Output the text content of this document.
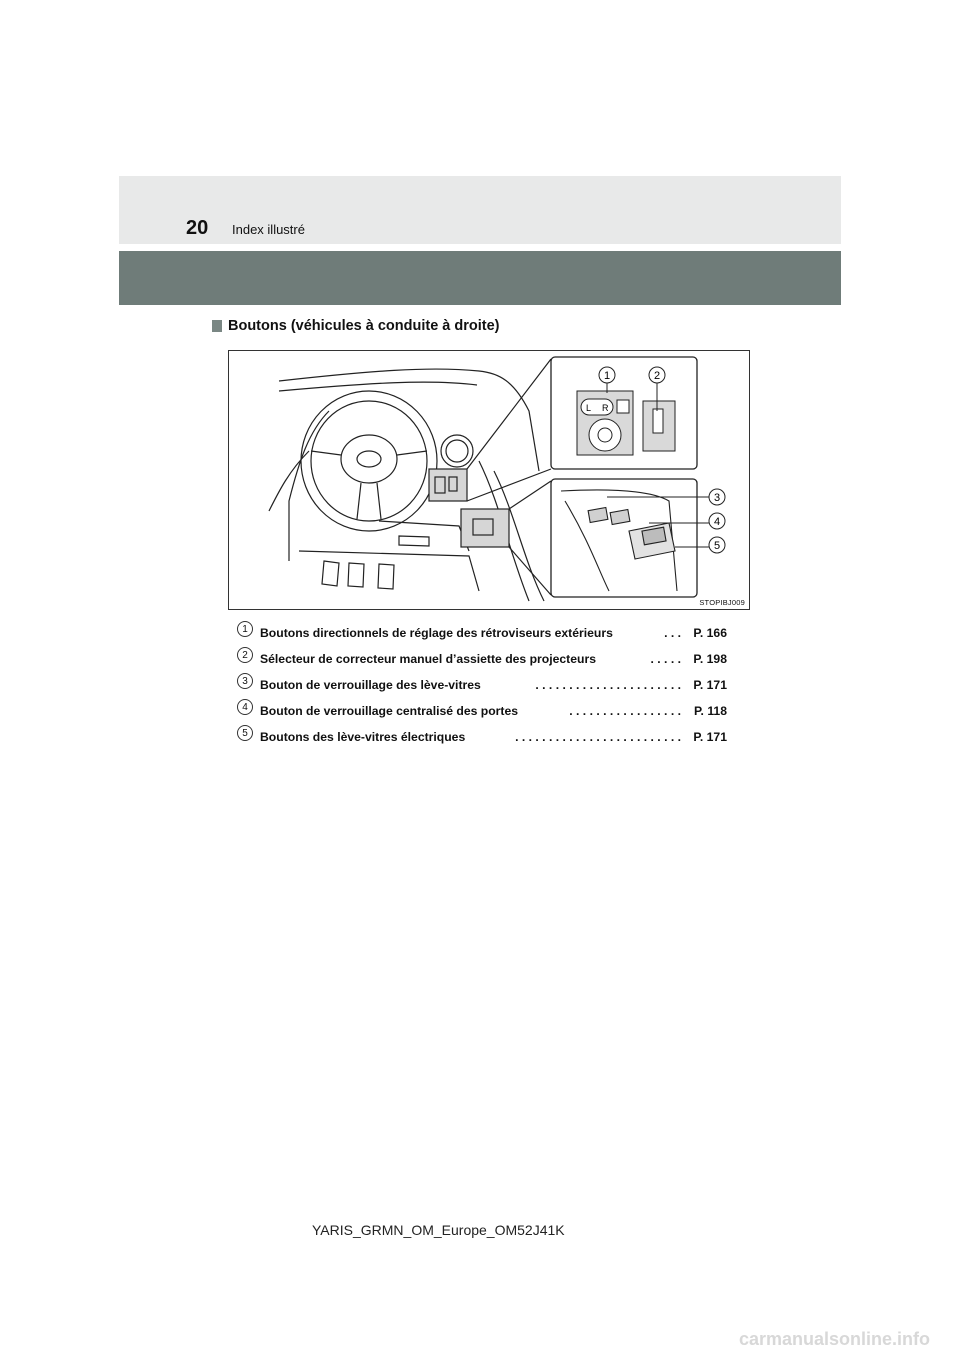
20 Index illustré
Boutons (véhicules à conduite à droite)
L R
1	2
3
4
5
STOPIBJ009
1	Boutons directionnels de réglage des rétroviseurs extérieurs	P. 166
. . .
2	Sélecteur de correcteur manuel d’assiette des projecteurs	P. 198
. . . . .
3	Bouton de verrouillage des lève-vitres	P. 171
. . . . . . . . . . . . . . . . . . . . . .
4	Bouton de verrouillage centralisé des portes	P. 118
. . . . . . . . . . . . . . . . .
5	Boutons des lève-vitres électriques	P. 171
. . . . . . . . . . . . . . . . . . . . . . . . .
YARIS_GRMN_OM_Europe_OM52J41K
carmanualsonline.info
